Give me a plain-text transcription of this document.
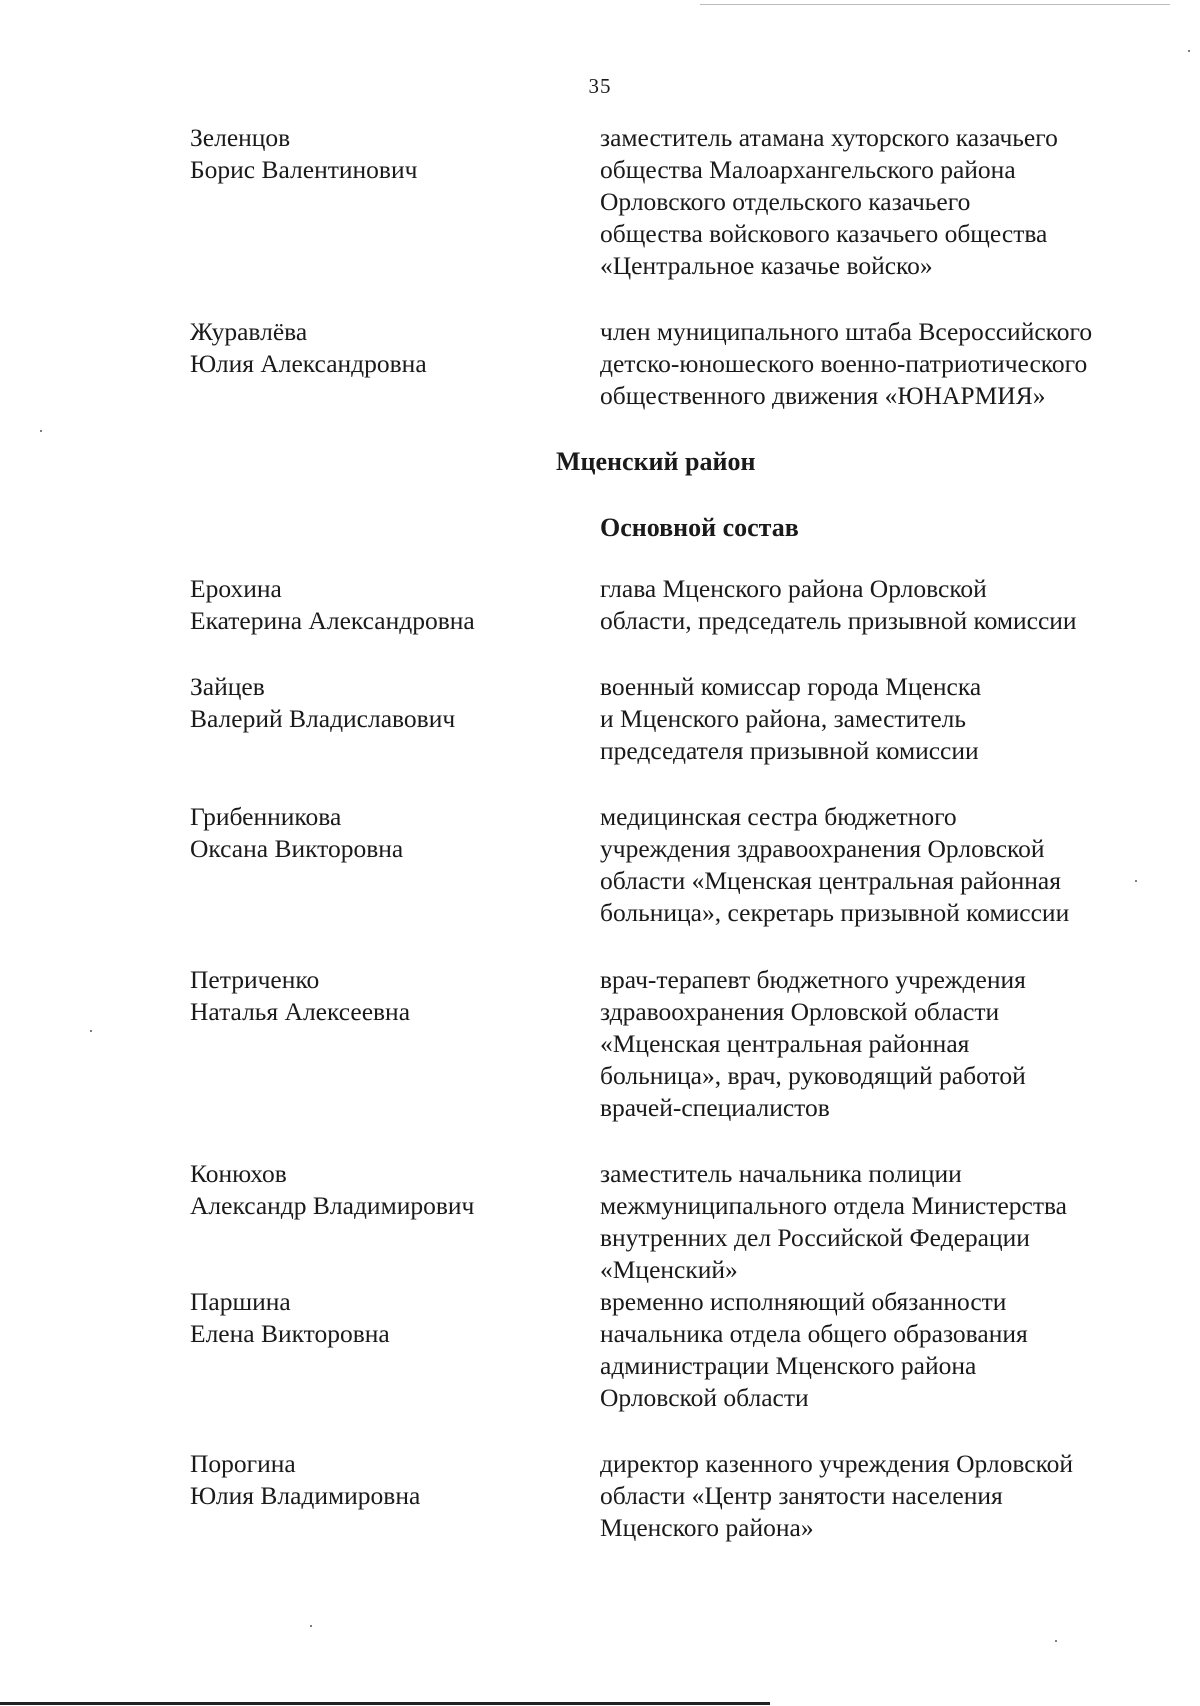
35
Зеленцов
Борис Валентинович
заместитель атамана хуторского казачьего
общества Малоархангельского района
Орловского отдельского казачьего
общества войскового казачьего общества
«Центральное казачье войско»
Журавлёва
Юлия Александровна
член муниципального штаба Всероссийского
детско-юношеского военно-патриотического
общественного движения «ЮНАРМИЯ»
Мценский район
Основной состав
Ерохина
Екатерина Александровна
глава Мценского района Орловской
области, председатель призывной комиссии
Зайцев
Валерий Владиславович
военный комиссар города Мценска
и Мценского района, заместитель
председателя призывной комиссии
Грибенникова
Оксана Викторовна
медицинская сестра бюджетного
учреждения здравоохранения Орловской
области «Мценская центральная районная
больница», секретарь призывной комиссии
Петриченко
Наталья Алексеевна
врач-терапевт бюджетного учреждения
здравоохранения Орловской области
«Мценская центральная районная
больница», врач, руководящий работой
врачей-специалистов
Конюхов
Александр Владимирович
заместитель начальника полиции
межмуниципального отдела Министерства
внутренних дел Российской Федерации
«Мценский»
Паршина
Елена Викторовна
временно исполняющий обязанности
начальника отдела общего образования
администрации Мценского района
Орловской области
Порогина
Юлия Владимировна
директор казенного учреждения Орловской
области «Центр занятости населения
Мценского района»
